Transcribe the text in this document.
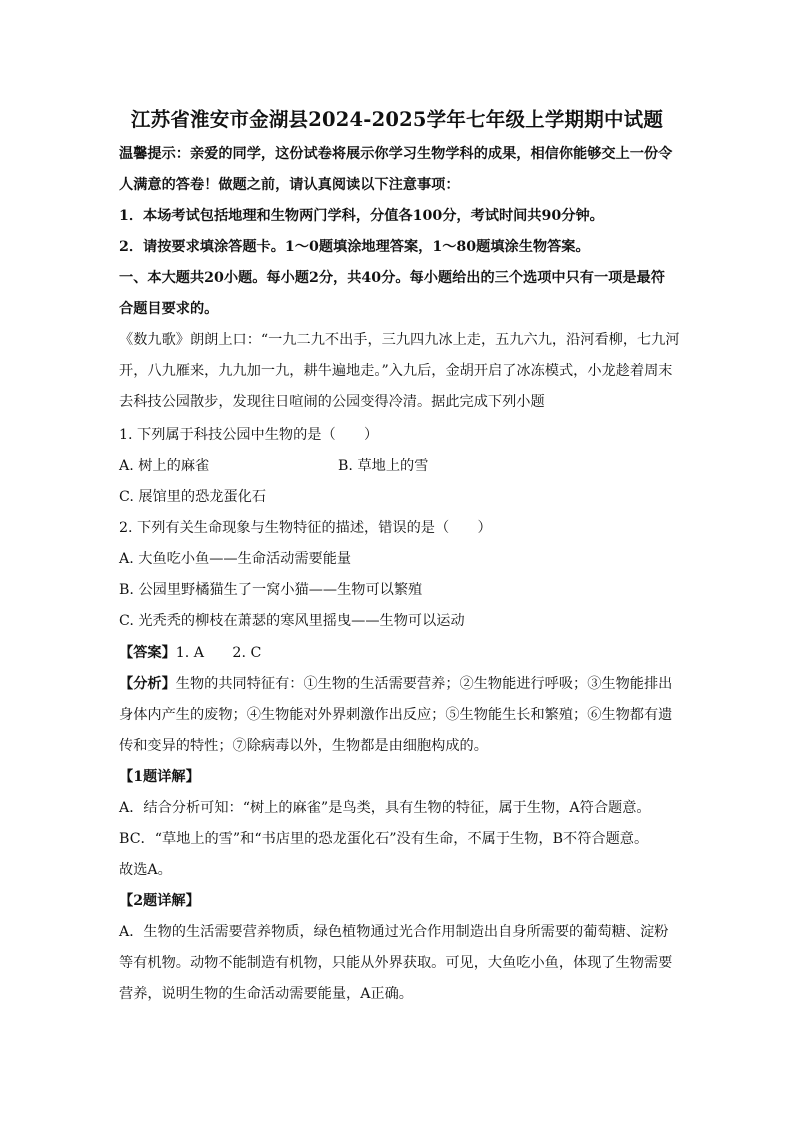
江苏省淮安市金湖县2024-2025学年七年级上学期期中试题
温馨提示：亲爱的同学，这份试卷将展示你学习生物学科的成果，相信你能够交上一份令
人满意的答卷！做题之前，请认真阅读以下注意事项：
1．本场考试包括地理和生物两门学科，分值各100分，考试时间共90分钟。
2．请按要求填涂答题卡。1～0题填涂地理答案，1～80题填涂生物答案。
一、本大题共20小题。每小题2分，共40分。每小题给出的三个选项中只有一项是最符
合题目要求的。
《数九歌》朗朗上口：“一九二九不出手，三九四九冰上走，五九六九，沿河看柳，七九河
开，八九雁来，九九加一九，耕牛遍地走。”入九后，金胡开启了冰冻模式，小龙趁着周末
去科技公园散步，发现往日喧闹的公园变得冷清。据此完成下列小题
1. 下列属于科技公园中生物的是（　　）
A. 树上的麻雀	B. 草地上的雪
C. 展馆里的恐龙蛋化石
2. 下列有关生命现象与生物特征的描述，错误的是（　　）
A. 大鱼吃小鱼——生命活动需要能量
B. 公园里野橘猫生了一窝小猫——生物可以繁殖
C. 光秃秃的柳枝在萧瑟的寒风里摇曳——生物可以运动
【答案】1. A　　2. C
【分析】生物的共同特征有：①生物的生活需要营养；②生物能进行呼吸；③生物能排出
身体内产生的废物；④生物能对外界刺激作出反应；⑤生物能生长和繁殖；⑥生物都有遗
传和变异的特性；⑦除病毒以外，生物都是由细胞构成的。
【1题详解】
A．结合分析可知：“树上的麻雀”是鸟类，具有生物的特征，属于生物，A符合题意。
BC．“草地上的雪”和“书店里的恐龙蛋化石”没有生命，不属于生物，B不符合题意。
故选A。
【2题详解】
A．生物的生活需要营养物质，绿色植物通过光合作用制造出自身所需要的葡萄糖、淀粉
等有机物。动物不能制造有机物，只能从外界获取。可见，大鱼吃小鱼，体现了生物需要
营养，说明生物的生命活动需要能量，A正确。
